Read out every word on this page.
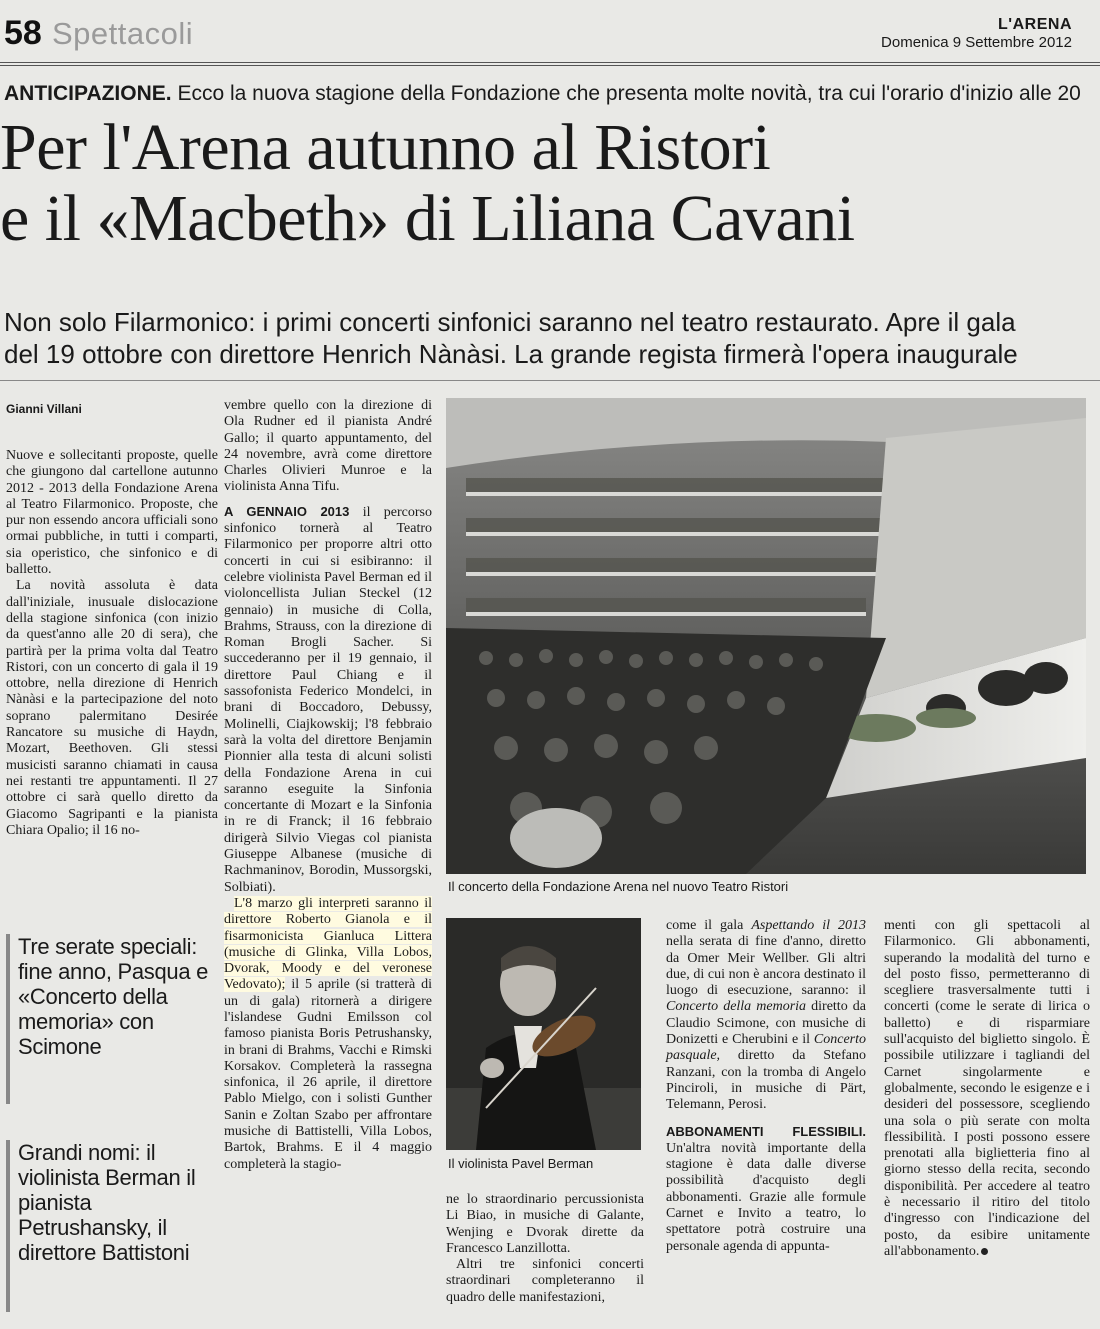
58 Spettacoli	L'ARENA
Domenica 9 Settembre 2012
ANTICIPAZIONE. Ecco la nuova stagione della Fondazione che presenta molte novità, tra cui l'orario d'inizio alle 20
Per l'Arena autunno al Ristori
e il «Macbeth» di Liliana Cavani
Non solo Filarmonico: i primi concerti sinfonici saranno nel teatro restaurato. Apre il gala
del 19 ottobre con direttore Henrich Nànàsi. La grande regista firmerà l'opera inaugurale
Gianni Villani

Nuove e sollecitanti proposte, quelle che giungono dal cartellone autunno 2012 - 2013 della Fondazione Arena al Teatro Filarmonico. Proposte, che pur non essendo ancora ufficiali sono ormai pubbliche, in tutti i comparti, sia operistico, che sinfonico e di balletto.

La novità assoluta è data dall'iniziale, inusuale dislocazione della stagione sinfonica (con inizio da quest'anno alle 20 di sera), che partirà per la prima volta dal Teatro Ristori, con un concerto di gala il 19 ottobre, nella direzione di Henrich Nànàsi e la partecipazione del noto soprano palermitano Desirée Rancatore su musiche di Haydn, Mozart, Beethoven. Gli stessi musicisti saranno chiamati in causa nei restanti tre appuntamenti. Il 27 ottobre ci sarà quello diretto da Giacomo Sagripanti e la pianista Chiara Opalio; il 16 no-

Tre serate speciali: fine anno, Pasqua e «Concerto della memoria» con Scimone
Grandi nomi: il violinista Berman il pianista Petrushansky, il direttore Battistoni

vembre quello con la direzione di Ola Rudner ed il pianista André Gallo; il quarto appuntamento, del 24 novembre, avrà come direttore Charles Olivieri Munroe e la violinista Anna Tifu.

A GENNAIO 2013 il percorso sinfonico tornerà al Teatro Filarmonico per proporre altri otto concerti in cui si esibiranno: il celebre violinista Pavel Berman ed il violoncellista Julian Steckel (12 gennaio) in musiche di Colla, Brahms, Strauss, con la direzione di Roman Brogli Sacher. Si succederanno per il 19 gennaio, il direttore Paul Chiang e il sassofonista Federico Mondelci, in brani di Boccadoro, Debussy, Molinelli, Ciajkowskij; l'8 febbraio sarà la volta del direttore Benjamin Pionnier alla testa di alcuni solisti della Fondazione Arena in cui saranno eseguite la Sinfonia concertante di Mozart e la Sinfonia in re di Franck; il 16 febbraio dirigerà Silvio Viegas col pianista Giuseppe Albanese (musiche di Rachmaninov, Borodin, Mussorgski, Solbiati).

L'8 marzo gli interpreti saranno il direttore Roberto Gianola e il fisarmonicista Gianluca Littera (musiche di Glinka, Villa Lobos, Dvorak, Moody e del veronese Vedovato); il 5 aprile (si tratterà di un di gala) ritornerà a dirigere l'islandese Gudni Emilsson col famoso pianista Boris Petrushansky, in brani di Brahms, Vacchi e Rimski Korsakov. Completerà la rassegna sinfonica, il 26 aprile, il direttore Pablo Mielgo, con i solisti Gunther Sanin e Zoltan Szabo per affrontare musiche di Battistelli, Villa Lobos, Bartok, Brahms. E il 4 maggio completerà la stagio-

Il concerto della Fondazione Arena nel nuovo Teatro Ristori
Il violinista Pavel Berman

ne lo straordinario percussionista Li Biao, in musiche di Galante, Wenjing e Dvorak dirette da Francesco Lanzillotta.

Altri tre sinfonici concerti straordinari completeranno il quadro delle manifestazioni,

come il gala Aspettando il 2013 nella serata di fine d'anno, diretto da Omer Meir Wellber. Gli altri due, di cui non è ancora destinato il luogo di esecuzione, saranno: il Concerto della memoria diretto da Claudio Scimone, con musiche di Donizetti e Cherubini e il Concerto pasquale, diretto da Stefano Ranzani, con la tromba di Angelo Pinciroli, in musiche di Pärt, Telemann, Perosi.

ABBONAMENTI FLESSIBILI. Un'altra novità importante della stagione è data dalle diverse possibilità d'acquisto degli abbonamenti. Grazie alle formule Carnet e Invito a teatro, lo spettatore potrà costruire una personale agenda di appunta-

menti con gli spettacoli al Filarmonico. Gli abbonamenti, superando la modalità del turno e del posto fisso, permetteranno di scegliere trasversalmente tutti i concerti (come le serate di lirica o balletto) e di risparmiare sull'acquisto del biglietto singolo. È possibile utilizzare i tagliandi del Carnet singolarmente e globalmente, secondo le esigenze e i desideri del possessore, scegliendo una sola o più serate con molta flessibilità. I posti possono essere prenotati alla biglietteria fino al giorno stesso della recita, secondo disponibilità. Per accedere al teatro è necessario il ritiro del titolo d'ingresso con l'indicazione del posto, da esibire unitamente all'abbonamento.
